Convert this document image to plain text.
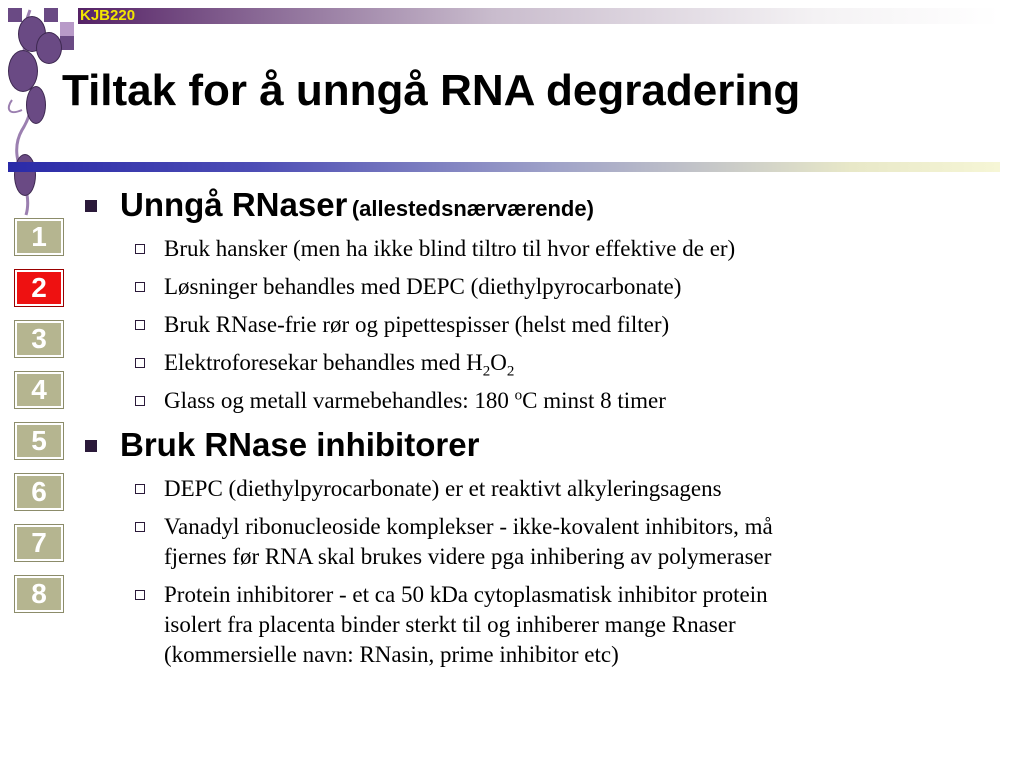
KJB220
Tiltak for å unngå RNA degradering
1
2
3
4
5
6
7
8
Unngå RNaser (allestedsnærværende)
Bruk hansker (men ha ikke blind tiltro til hvor effektive de er)
Løsninger behandles med DEPC (diethylpyrocarbonate)
Bruk RNase-frie rør og pipettespisser (helst med filter)
Elektroforesekar behandles med $H_2O_2$
Glass og metall varmebehandles: 180 $^o$C minst 8 timer
Bruk RNase inhibitorer
DEPC (diethylpyrocarbonate) er et reaktivt alkyleringsagens
Vanadyl ribonucleoside komplekser - ikke-kovalent inhibitors, må
fjernes før RNA skal brukes videre pga inhibering av polymeraser
Protein inhibitorer - et ca 50 kDa cytoplasmatisk inhibitor protein
isolert fra placenta binder sterkt til og inhiberer mange Rnaser
(kommersielle navn: RNasin, prime inhibitor etc)
